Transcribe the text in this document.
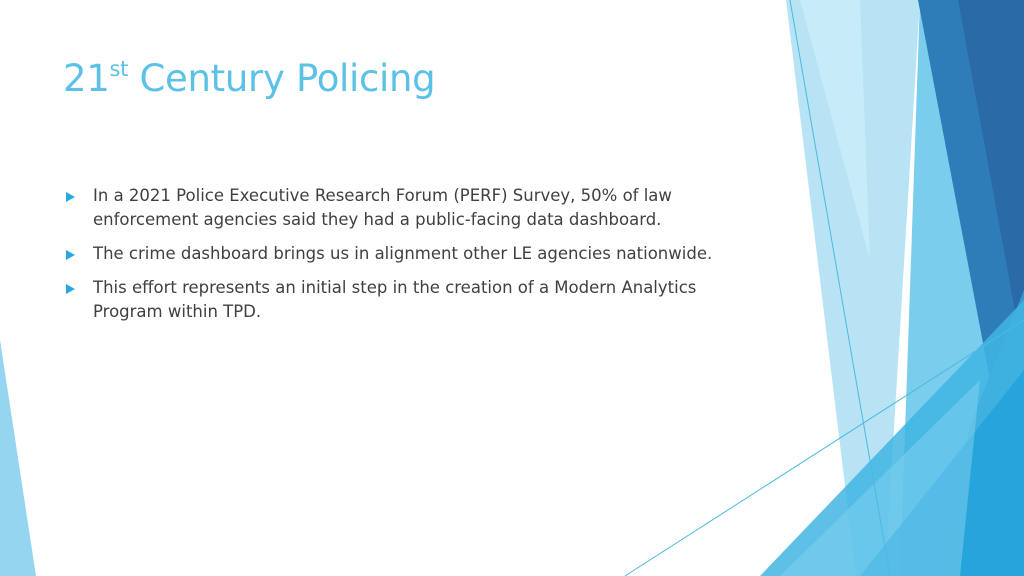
21st Century Policing
In a 2021 Police Executive Research Forum (PERF) Survey, 50% of law enforcement agencies said they had a public-facing data dashboard.
The crime dashboard brings us in alignment other LE agencies nationwide.
This effort represents an initial step in the creation of a Modern Analytics Program within TPD.
